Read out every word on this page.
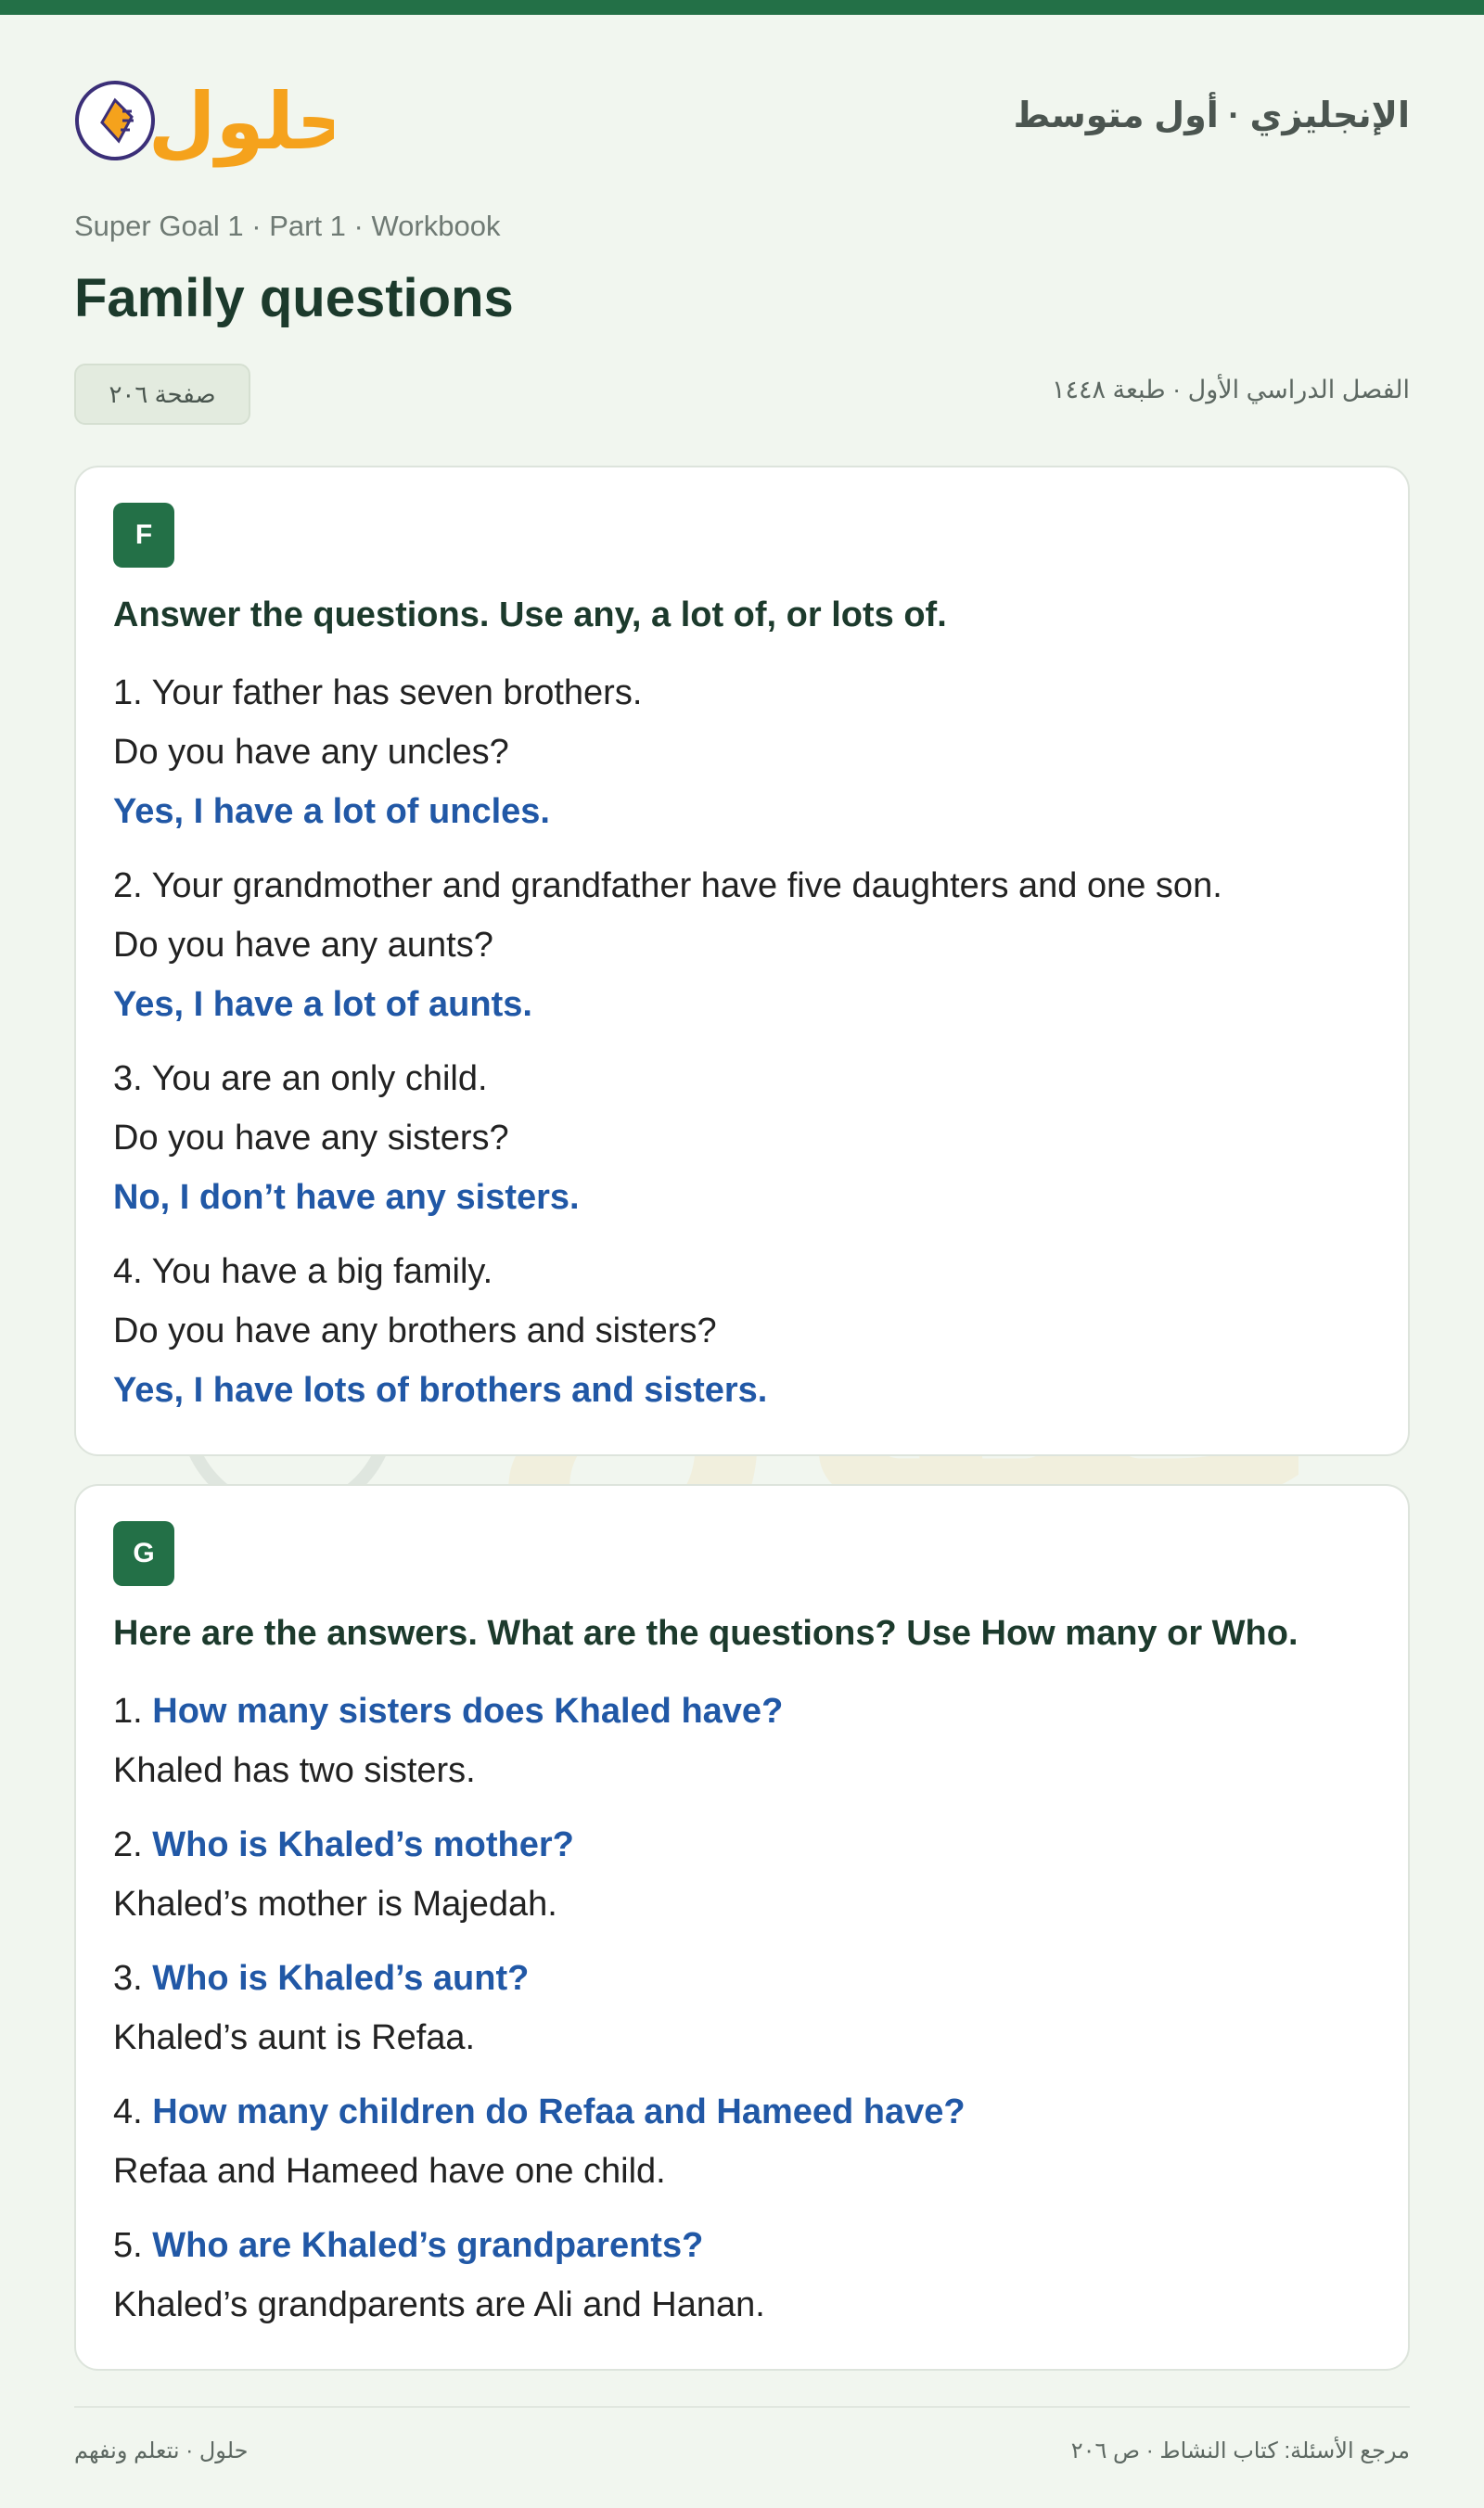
حلول	الإنجليزي · أول متوسط
Super Goal 1 · Part 1 · Workbook
Family questions
صفحة ٢٠٦	الفصل الدراسي الأول · طبعة ١٤٤٨
F
Answer the questions. Use any, a lot of, or lots of.
1. Your father has seven brothers.
Do you have any uncles?
Yes, I have a lot of uncles.
2. Your grandmother and grandfather have five daughters and one son.
Do you have any aunts?
Yes, I have a lot of aunts.
3. You are an only child.
Do you have any sisters?
No, I don’t have any sisters.
4. You have a big family.
Do you have any brothers and sisters?
Yes, I have lots of brothers and sisters.
G
Here are the answers. What are the questions? Use How many or Who.
1. How many sisters does Khaled have?
Khaled has two sisters.
2. Who is Khaled’s mother?
Khaled’s mother is Majedah.
3. Who is Khaled’s aunt?
Khaled’s aunt is Refaa.
4. How many children do Refaa and Hameed have?
Refaa and Hameed have one child.
5. Who are Khaled’s grandparents?
Khaled’s grandparents are Ali and Hanan.
حلول · نتعلم ونفهم	مرجع الأسئلة: كتاب النشاط · ص ٢٠٦
